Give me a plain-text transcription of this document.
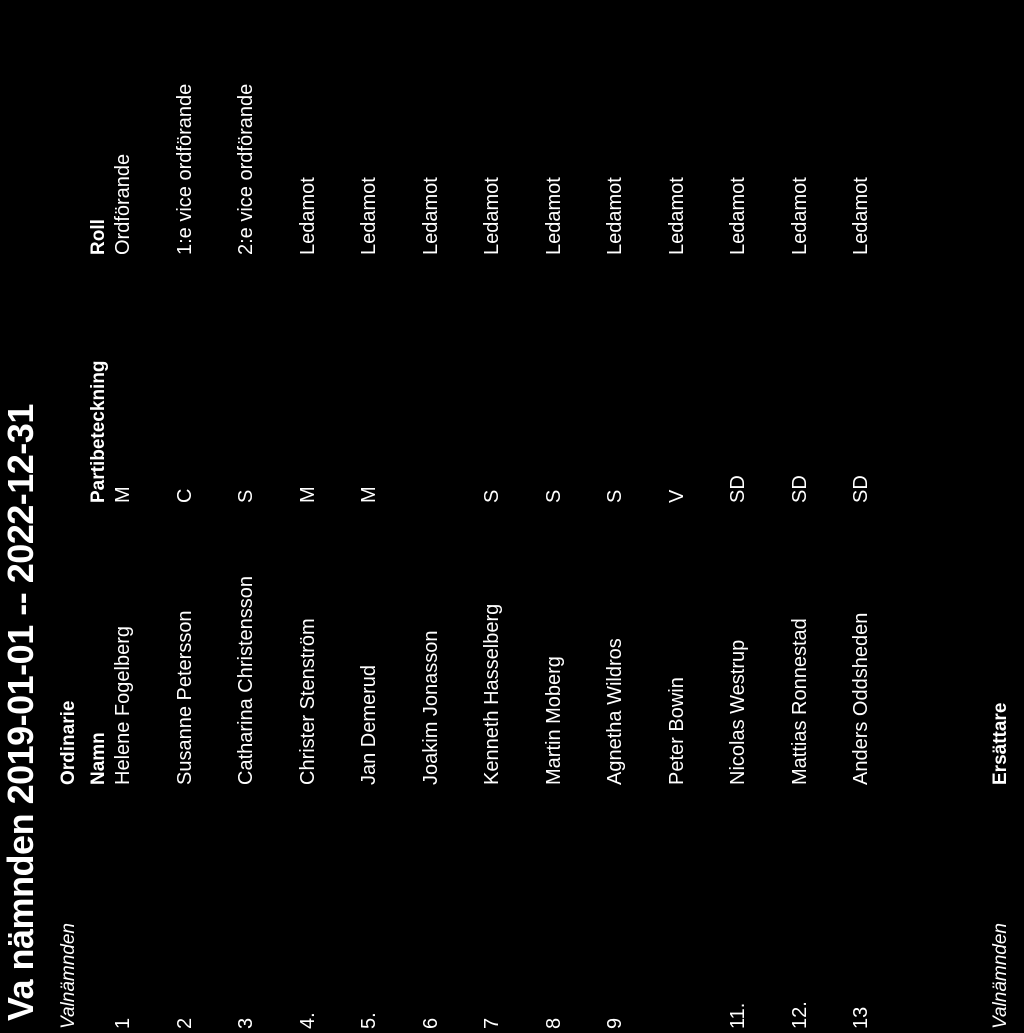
Va nämnden 2019-01-01 -- 2022-12-31 Valnämnden
Ordinarie Namn
Partibeteckning
Roll
1
Helene Fogelberg
M
Ordförande
2
Susanne Petersson
C
1:e vice ordförande
3
Catharina Christensson
S
2:e vice ordförande
4.
Christer Stenström
M
Ledamot
5.
Jan Demerud
M
Ledamot
6
Joakim Jonasson
Ledamot
7
Kenneth Hasselberg
S
Ledamot
8
Martin Moberg
S
Ledamot
9
Agnetha Wildros
S
Ledamot
Peter Bowin
V
Ledamot
11.
Nicolas Westrup
SD
Ledamot
12.
Mattias Ronnestad
SD
Ledamot
13
Anders Oddsheden
SD
Ledamot
Valnämnden
Ersättare
